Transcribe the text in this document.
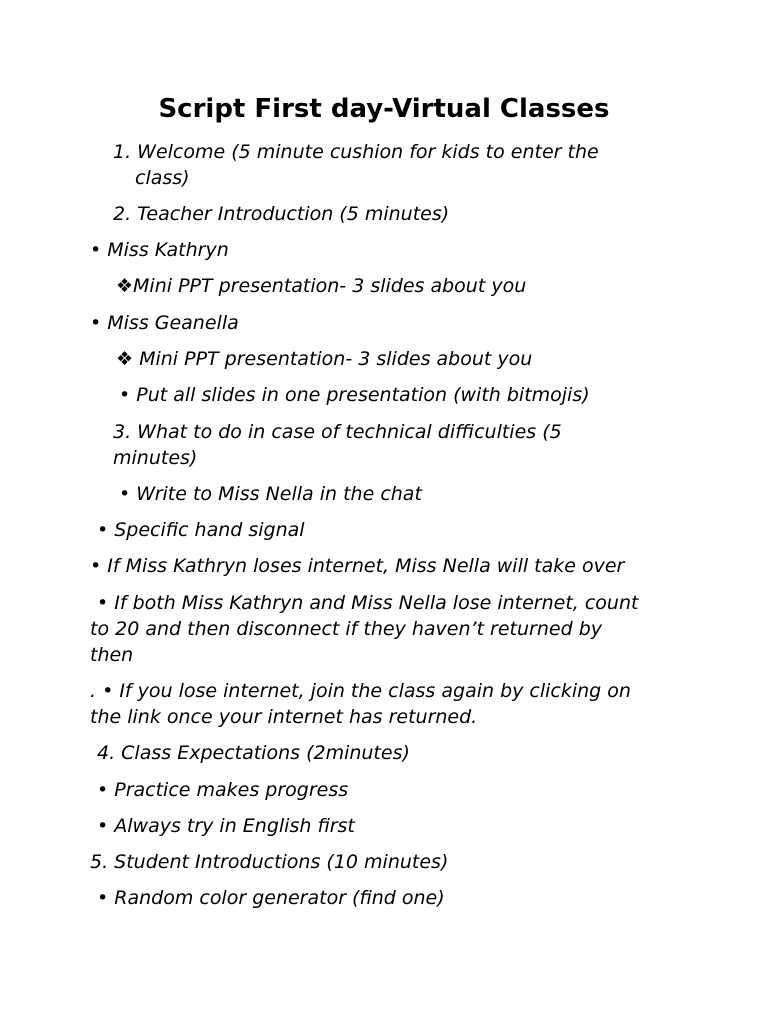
Script First day-Virtual Classes
1. Welcome (5 minute cushion for kids to enter the
class)
2. Teacher Introduction (5 minutes)
• Miss Kathryn
❖Mini PPT presentation- 3 slides about you
• Miss Geanella
❖ Mini PPT presentation- 3 slides about you
• Put all slides in one presentation (with bitmojis)
3. What to do in case of technical difficulties (5
minutes)
• Write to Miss Nella in the chat
• Specific hand signal
• If Miss Kathryn loses internet, Miss Nella will take over
• If both Miss Kathryn and Miss Nella lose internet, count
to 20 and then disconnect if they haven’t returned by
then
. • If you lose internet, join the class again by clicking on
the link once your internet has returned.
4. Class Expectations (2minutes)
• Practice makes progress
• Always try in English first
5. Student Introductions (10 minutes)
• Random color generator (find one)
